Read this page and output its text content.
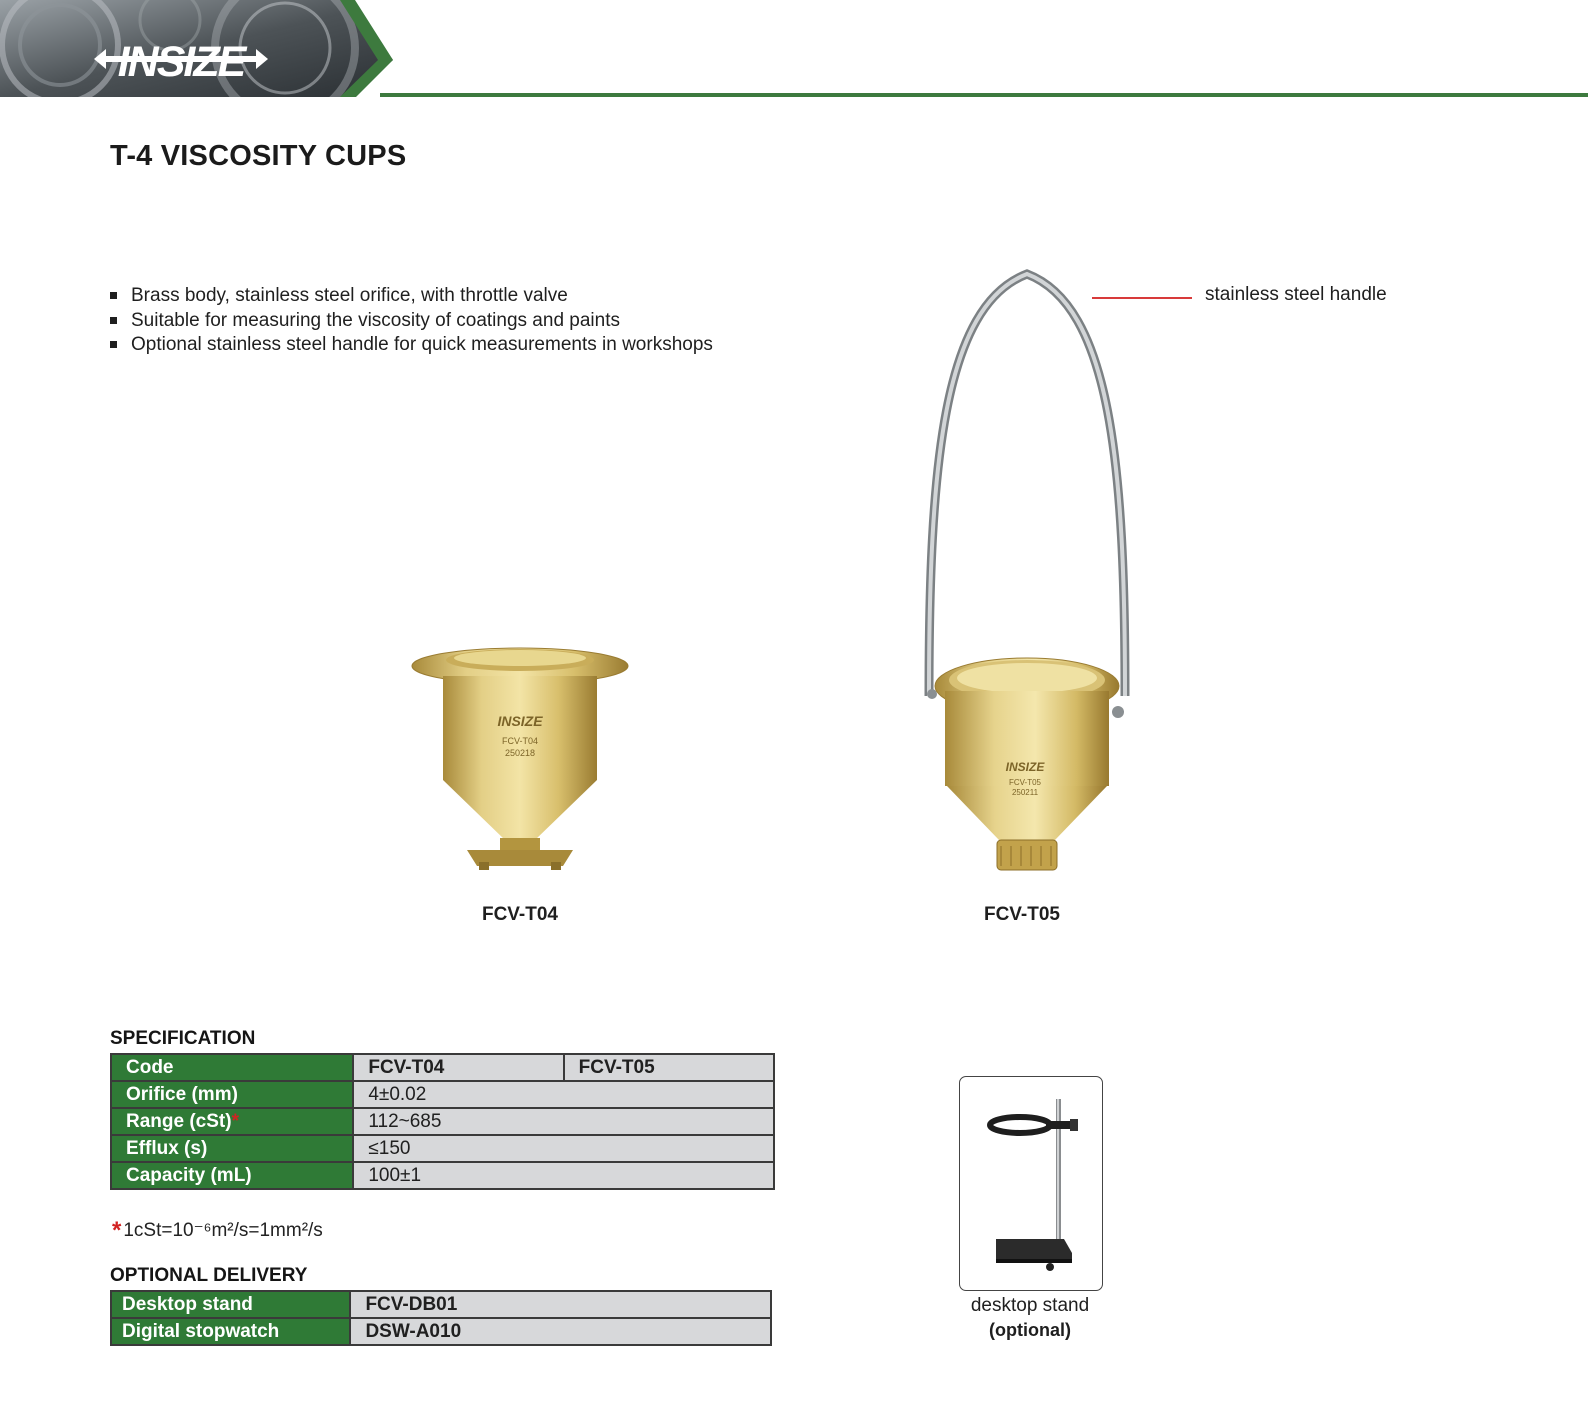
INSIZE
T-4 VISCOSITY CUPS
Brass body, stainless steel orifice, with throttle valve
Suitable for measuring the viscosity of coatings and paints
Optional stainless steel handle for quick measurements in workshops
INSIZE
FCV-T04
250218
FCV-T04
INSIZE
FCV-T05
250211
FCV-T05
stainless steel handle
SPECIFICATION
Code	FCV-T04	FCV-T05
Orifice (mm)	4±0.02	
Range (cSt)*	112~685	
Efflux (s)	≤150	
Capacity (mL)	100±1	
* 1cSt=10⁻⁶m²/s=1mm²/s
OPTIONAL DELIVERY
Desktop stand	FCV-DB01
Digital stopwatch	DSW-A010
desktop stand
(optional)
